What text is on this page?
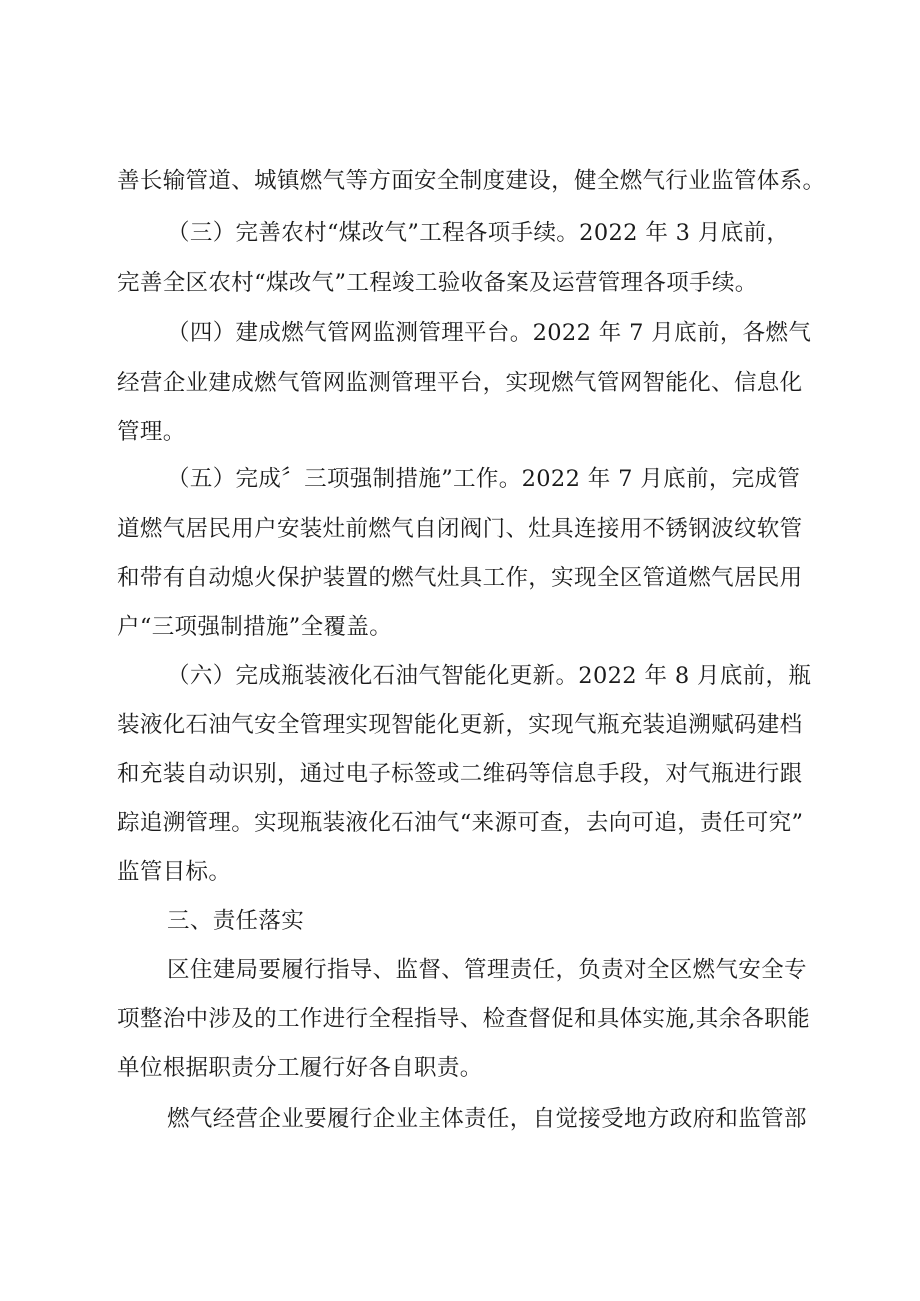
善长输管道、城镇燃气等方面安全制度建设，健全燃气行业监管体系。

（三）完善农村“煤改气”工程各项手续。2022 年 3 月底前，

完善全区农村“煤改气”工程竣工验收备案及运营管理各项手续。

（四）建成燃气管网监测管理平台。2022 年 7 月底前，各燃气

经营企业建成燃气管网监测管理平台，实现燃气管网智能化、信息化

管理。

（五）完成〞三项强制措施”工作。2022 年 7 月底前，完成管

道燃气居民用户安装灶前燃气自闭阀门、灶具连接用不锈钢波纹软管

和带有自动熄火保护装置的燃气灶具工作，实现全区管道燃气居民用

户“三项强制措施”全覆盖。

（六）完成瓶装液化石油气智能化更新。2022 年 8 月底前，瓶

装液化石油气安全管理实现智能化更新，实现气瓶充装追溯赋码建档

和充装自动识别，通过电子标签或二维码等信息手段，对气瓶进行跟

踪追溯管理。实现瓶装液化石油气“来源可查，去向可追，责任可究”

监管目标。

三、责任落实

区住建局要履行指导、监督、管理责任，负责对全区燃气安全专

项整治中涉及的工作进行全程指导、检查督促和具体实施,其余各职能

单位根据职责分工履行好各自职责。

燃气经营企业要履行企业主体责任，自觉接受地方政府和监管部
